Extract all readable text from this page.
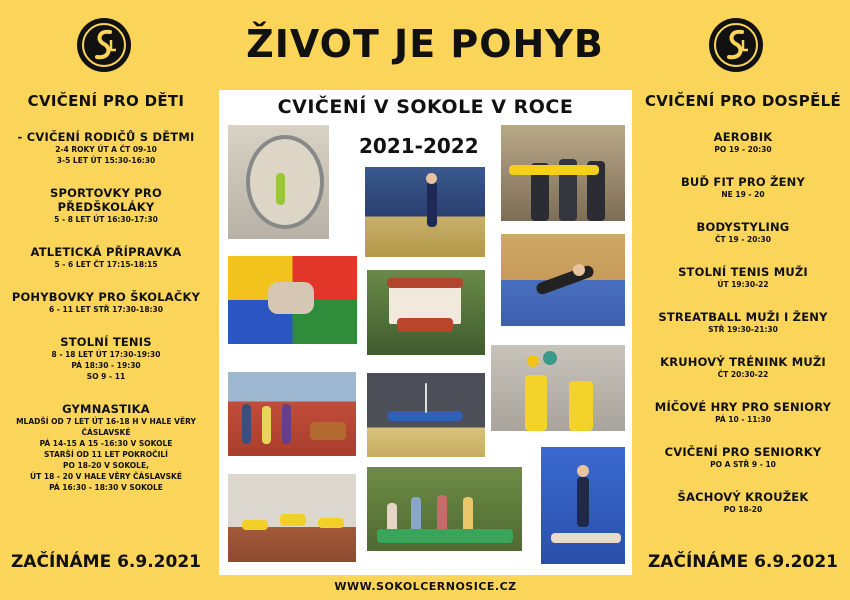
ŽIVOT JE POHYB
CVIČENÍ PRO DĚTI
- CVIČENÍ RODIČŮ S DĚTMI
2-4 ROKY ÚT A ČT 09-10
3-5 LET ÚT 15:30-16:30
SPORTOVKY PRO PŘEDŠKOLÁKY
5 - 8 LET ÚT 16:30-17:30
ATLETICKÁ PŘÍPRAVKA
5 - 6 LET ČT 17:15-18:15
POHYBOVKY PRO ŠKOLAČKY
6 - 11 LET STŘ 17:30-18:30
STOLNÍ TENIS
8 - 18 LET ÚT 17:30-19:30
PÁ 18:30 - 19:30
SO 9 - 11
GYMNASTIKA
MLADŠÍ OD 7 LET ÚT 16-18 H V HALE VĚRY ČÁSLAVSKÉ
PÁ 14-15 A 15 -16:30 V SOKOLE
STARŠÍ OD 11 LET POKROČILÍ
PO 18-20 V SOKOLE,
ÚT 18 - 20 V HALE VĚRY ČÁSLAVSKÉ
PÁ 16:30 - 18:30 V SOKOLE
CVIČENÍ PRO DOSPĚLÉ
AEROBIK
PO 19 - 20:30
BUĎ FIT PRO ŽENY
NE 19 - 20
BODYSTYLING
ČT 19 - 20:30
STOLNÍ TENIS MUŽI
ÚT 19:30-22
STREATBALL MUŽI I ŽENY
STŘ 19:30-21:30
KRUHOVÝ TRÉNINK MUŽI
ČT 20:30-22
MÍČOVÉ HRY PRO SENIORY
PÁ 10 - 11:30
CVIČENÍ PRO SENIORKY
PO A STŘ 9 - 10
ŠACHOVÝ KROUŽEK
PO 18-20
ZAČÍNÁME 6.9.2021	ZAČÍNÁME 6.9.2021
CVIČENÍ V SOKOLE V ROCE
2021-2022
WWW.SOKOLCERNOSICE.CZ
